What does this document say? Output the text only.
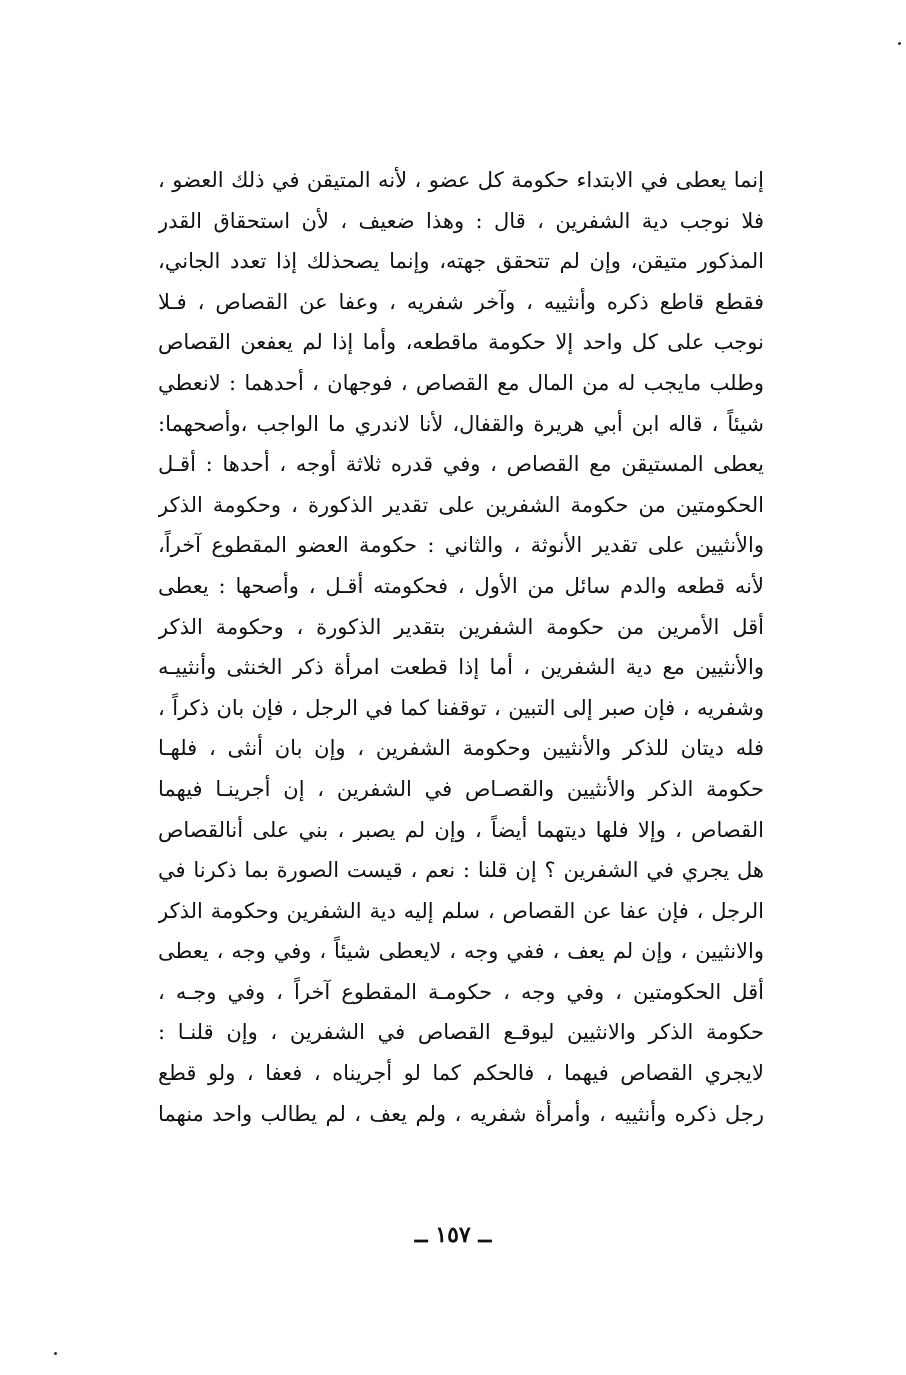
إنما يعطى في الابتداء حكومة كل عضو ، لأنه المتيقن في ذلك العضو ،
فلا نوجب دية الشفرين ، قال : وهذا ضعيف ، لأن استحقاق القدر
المذكور متيقن، وإن لم تتحقق جهته، وإنما يصحذلك إذا تعدد الجاني،
فقطع قاطع ذكره وأنثييه ، وآخر شفريه ، وعفا عن القصاص ، فـلا
نوجب على كل واحد إلا حكومة ماقطعه، وأما إذا لم يعفعن القصاص
وطلب مايجب له من المال مع القصاص ، فوجهان ، أحدهما : لانعطي
شيئاً ، قاله ابن أبي هريرة والقفال، لأنا لاندري ما الواجب ،وأصحهما:
يعطى المستيقن مع القصاص ، وفي قدره ثلاثة أوجه ، أحدها : أقـل
الحكومتين من حكومة الشفرين على تقدير الذكورة ، وحكومة الذكر
والأنثيين على تقدير الأنوثة ، والثاني : حكومة العضو المقطوع آخراً،
لأنه قطعه والدم سائل من الأول ، فحكومته أقـل ، وأصحها : يعطى
أقل الأمرين من حكومة الشفرين بتقدير الذكورة ، وحكومة الذكر
والأنثيين مع دية الشفرين ، أما إذا قطعت امرأة ذكر الخنثى وأنثييـه
وشفريه ، فإن صبر إلى التبين ، توقفنا كما في الرجل ، فإن بان ذكراً ،
فله ديتان للذكر والأنثيين وحكومة الشفرين ، وإن بان أنثى ، فلهـا
حكومة الذكر والأنثيين والقصـاص في الشفرين ، إن أجرينـا فيهما
القصاص ، وإلا فلها ديتهما أيضاً ، وإن لم يصبر ، بني على أنالقصاص
هل يجري في الشفرين ؟ إن قلنا : نعم ، قيست الصورة بما ذكرنا في
الرجل ، فإن عفا عن القصاص ، سلم إليه دية الشفرين وحكومة الذكر
والانثيين ، وإن لم يعف ، ففي وجه ، لايعطى شيئاً ، وفي وجه ، يعطى
أقل الحكومتين ، وفي وجه ، حكومـة المقطوع آخراً ، وفي وجـه ،
حكومة الذكر والانثيين ليوقـع القصاص في الشفرين ، وإن قلنـا :
لايجري القصاص فيهما ، فالحكم كما لو أجريناه ، فعفا ، ولو قطع
رجل ذكره وأنثييه ، وأمرأة شفريه ، ولم يعف ، لم يطالب واحد منهما
ــ ١٥٧ ــ
